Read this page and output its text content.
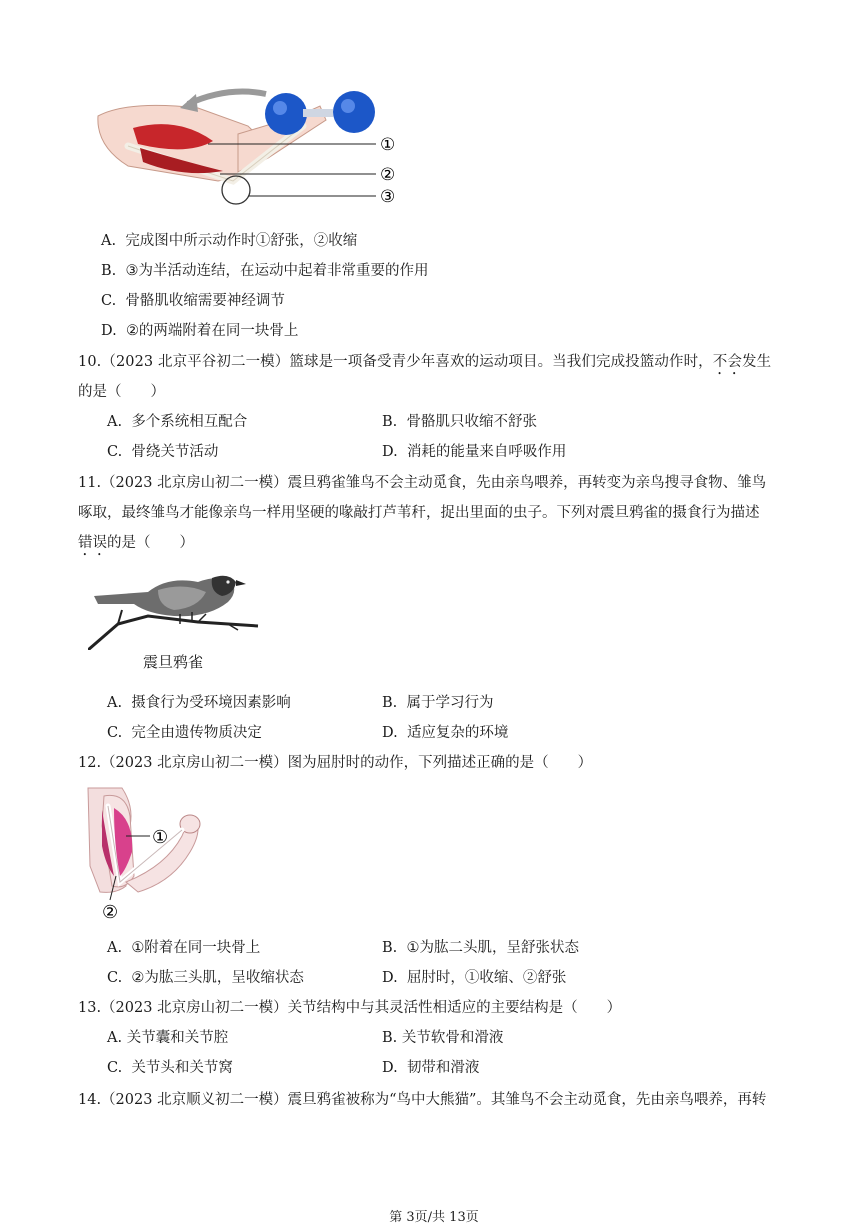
①
②
③
A. 完成图中所示动作时①舒张，②收缩
B. ③为半活动连结，在运动中起着非常重要的作用
C. 骨骼肌收缩需要神经调节
D. ②的两端附着在同一块骨上
10.（2023 北京平谷初二一模）篮球是一项备受青少年喜欢的运动项目。当我们完成投篮动作时，不会发生
的是（　　）
A. 多个系统相互配合	B. 骨骼肌只收缩不舒张
C. 骨绕关节活动	D. 消耗的能量来自呼吸作用
11.（2023 北京房山初二一模）震旦鸦雀雏鸟不会主动觅食，先由亲鸟喂养，再转变为亲鸟搜寻食物、雏鸟
啄取，最终雏鸟才能像亲鸟一样用坚硬的喙敲打芦苇秆，捉出里面的虫子。下列对震旦鸦雀的摄食行为描述
错误的是（　　）
震旦鸦雀
A. 摄食行为受环境因素影响	B. 属于学习行为
C. 完全由遗传物质决定	D. 适应复杂的环境
12.（2023 北京房山初二一模）图为屈肘时的动作，下列描述正确的是（　　）
①
②
A. ①附着在同一块骨上	B. ①为肱二头肌，呈舒张状态
C. ②为肱三头肌，呈收缩状态	D. 屈肘时，①收缩、②舒张
13.（2023 北京房山初二一模）关节结构中与其灵活性相适应的主要结构是（　　）
A. 关节囊和关节腔	B. 关节软骨和滑液
C. 关节头和关节窝	D. 韧带和滑液
14.（2023 北京顺义初二一模）震旦鸦雀被称为“鸟中大熊猫”。其雏鸟不会主动觅食，先由亲鸟喂养，再转
第 3页/共 13页
